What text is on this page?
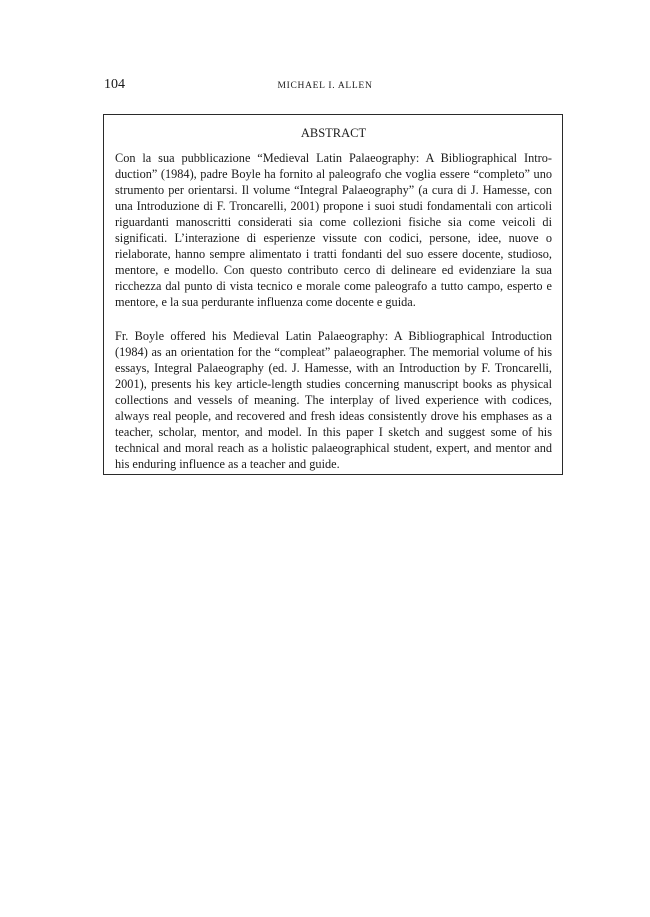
104	MICHAEL I. ALLEN
ABSTRACT

Con la sua pubblicazione “Medieval Latin Palaeography: A Bibliographical Introduction” (1984), padre Boyle ha fornito al paleografo che voglia essere “completo” uno strumento per orientarsi. Il volume “Integral Palaeography” (a cura di J. Hamesse, con una Introduzione di F. Troncarelli, 2001) propone i suoi studi fondamentali con articoli riguardanti manoscritti considerati sia come collezioni fisiche sia come veicoli di significati. L’interazione di esperienze vissute con codici, persone, idee, nuove o rielaborate, hanno sempre alimentato i tratti fondanti del suo essere docente, studioso, mentore, e modello. Con questo contributo cerco di delineare ed evidenziare la sua ricchezza dal punto di vista tecnico e morale come paleografo a tutto campo, esperto e mentore, e la sua perdurante influenza come docente e guida.

Fr. Boyle offered his Medieval Latin Palaeography: A Bibliographical Introduction (1984) as an orientation for the “compleat” palaeographer. The memorial volume of his essays, Integral Palaeography (ed. J. Hamesse, with an Introduction by F. Troncarelli, 2001), presents his key article-length studies concerning manuscript books as physical collections and vessels of meaning. The interplay of lived experience with codices, always real people, and recovered and fresh ideas consistently drove his emphases as a teacher, scholar, mentor, and model. In this paper I sketch and suggest some of his technical and moral reach as a holistic palaeographical student, expert, and mentor and his enduring influence as a teacher and guide.
